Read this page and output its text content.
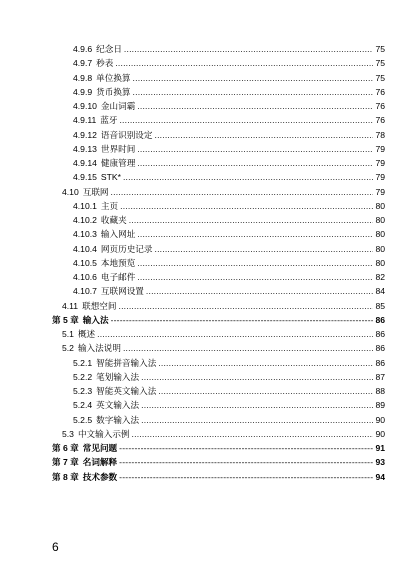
4.9.6 纪念日 .....	75
4.9.7 秒表 .....	75
4.9.8 单位换算 .....	75
4.9.9 货币换算 .....	76
4.9.10 金山词霸 .....	76
4.9.11 蓝牙 .....	76
4.9.12 语音识别设定 .....	78
4.9.13 世界时间 .....	79
4.9.14 健康管理 .....	79
4.9.15 STK* .....	79
4.10 互联网 .....	79
4.10.1 主页 .....	80
4.10.2 收藏夹 .....	80
4.10.3 输入网址 .....	80
4.10.4 网页历史记录 .....	80
4.10.5 本地预览 .....	80
4.10.6 电子邮件 .....	82
4.10.7 互联网设置 .....	84
4.11 联想空间 .....	85
第 5 章 输入法 -----	86
5.1 概述 .....	86
5.2 输入法说明 .....	86
5.2.1 智能拼音输入法 .....	86
5.2.2 笔划输入法 .....	87
5.2.3 智能英文输入法 .....	88
5.2.4 英文输入法 .....	89
5.2.5 数字输入法 .....	90
5.3 中文输入示例 .....	90
第 6 章 常见问题 -----	91
第 7 章 名词解释 -----	93
第 8 章 技术参数 -----	94
6
